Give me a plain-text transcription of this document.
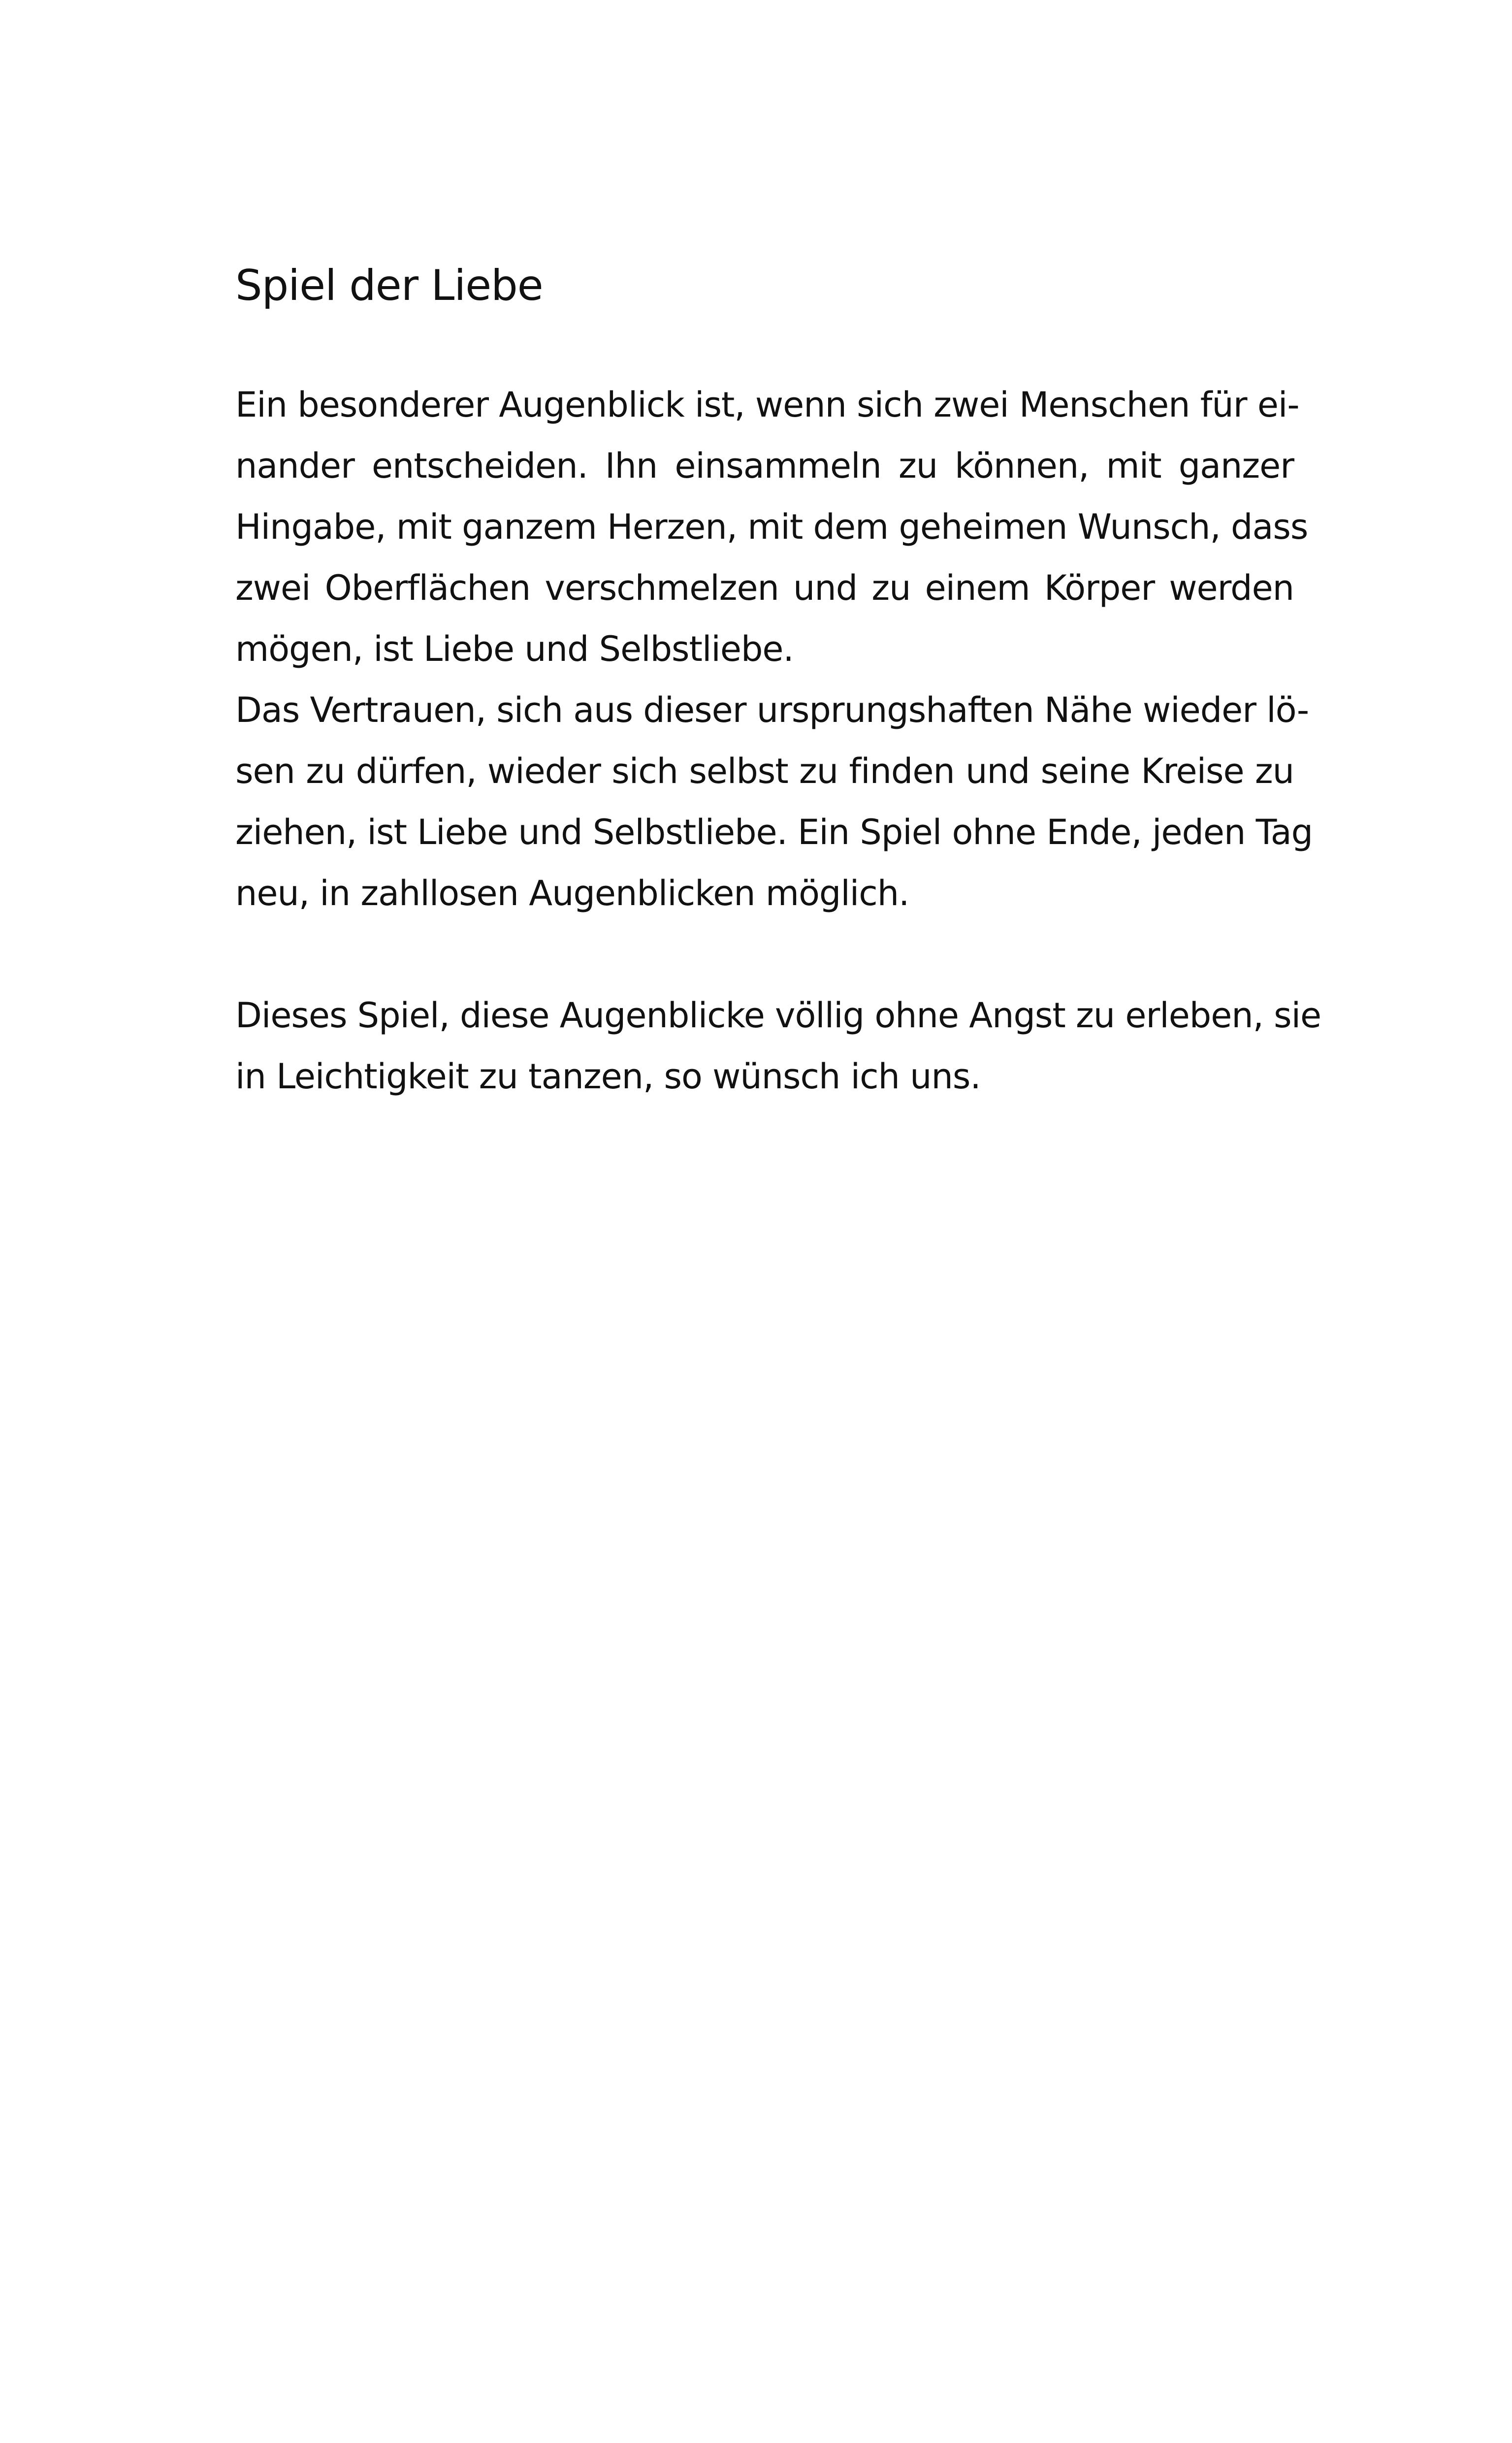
Spiel der Liebe
Ein besonderer Augenblick ist, wenn sich zwei Menschen für ei-
nander entscheiden. Ihn einsammeln zu können, mit ganzer
Hingabe, mit ganzem Herzen, mit dem geheimen Wunsch, dass
zwei Oberflächen verschmelzen und zu einem Körper werden
mögen, ist Liebe und Selbstliebe.
Das Vertrauen, sich aus dieser ursprungshaften Nähe wieder lö-
sen zu dürfen, wieder sich selbst zu finden und seine Kreise zu
ziehen, ist Liebe und Selbstliebe. Ein Spiel ohne Ende, jeden Tag
neu, in zahllosen Augenblicken möglich.
Dieses Spiel, diese Augenblicke völlig ohne Angst zu erleben, sie
in Leichtigkeit zu tanzen, so wünsch ich uns.
